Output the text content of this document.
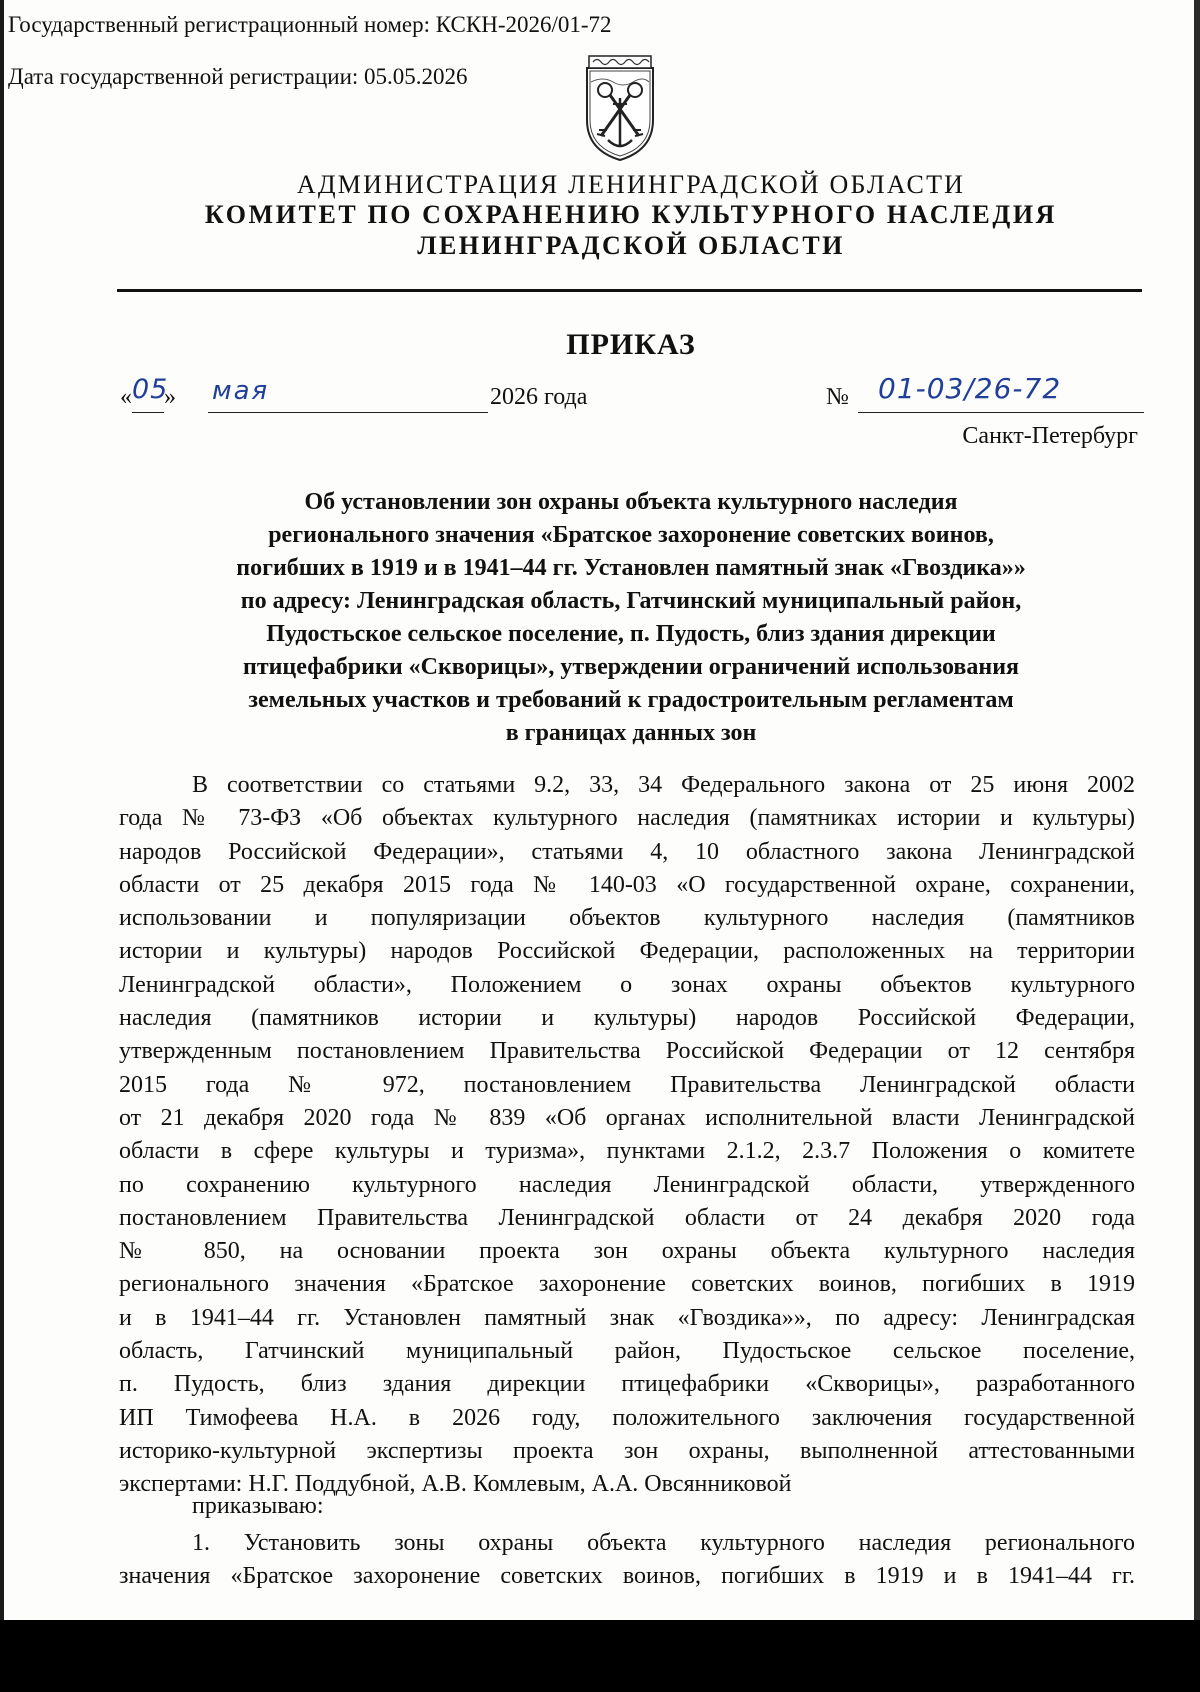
Государственный регистрационный номер: КСКН-2026/01-72
Дата государственной регистрации: 05.05.2026
АДМИНИСТРАЦИЯ ЛЕНИНГРАДСКОЙ ОБЛАСТИ
КОМИТЕТ ПО СОХРАНЕНИЮ КУЛЬТУРНОГО НАСЛЕДИЯ
ЛЕНИНГРАДСКОЙ ОБЛАСТИ
ПРИКАЗ
« 05
» мая	2026 года	№ 01-03/26-72
Санкт-Петербург
Об установлении зон охраны объекта культурного наследия
регионального значения «Братское захоронение советских воинов,
погибших в 1919 и в 1941–44 гг. Установлен памятный знак «Гвоздика»»
по адресу: Ленинградская область, Гатчинский муниципальный район,
Пудостьское сельское поселение, п. Пудость, близ здания дирекции
птицефабрики «Скворицы», утверждении ограничений использования
земельных участков и требований к градостроительным регламентам
в границах данных зон
В соответствии со статьями 9.2, 33, 34 Федерального закона от 25 июня 2002
года № 73-ФЗ «Об объектах культурного наследия (памятниках истории и культуры)
народов Российской Федерации», статьями 4, 10 областного закона Ленинградской
области от 25 декабря 2015 года № 140-03 «О государственной охране, сохранении,
использовании и популяризации объектов культурного наследия (памятников
истории и культуры) народов Российской Федерации, расположенных на территории
Ленинградской области», Положением о зонах охраны объектов культурного
наследия (памятников истории и культуры) народов Российской Федерации,
утвержденным постановлением Правительства Российской Федерации от 12 сентября
2015 года № 972, постановлением Правительства Ленинградской области
от 21 декабря 2020 года № 839 «Об органах исполнительной власти Ленинградской
области в сфере культуры и туризма», пунктами 2.1.2, 2.3.7 Положения о комитете
по сохранению культурного наследия Ленинградской области, утвержденного
постановлением Правительства Ленинградской области от 24 декабря 2020 года
№ 850, на основании проекта зон охраны объекта культурного наследия
регионального значения «Братское захоронение советских воинов, погибших в 1919
и в 1941–44 гг. Установлен памятный знак «Гвоздика»», по адресу: Ленинградская
область, Гатчинский муниципальный район, Пудостьское сельское поселение,
п. Пудость, близ здания дирекции птицефабрики «Скворицы», разработанного
ИП Тимофеева Н.А. в 2026 году, положительного заключения государственной
историко-культурной экспертизы проекта зон охраны, выполненной аттестованными
экспертами: Н.Г. Поддубной, А.В. Комлевым, А.А. Овсянниковой
приказываю:
1. Установить зоны охраны объекта культурного наследия регионального
значения «Братское захоронение советских воинов, погибших в 1919 и в 1941–44 гг.
